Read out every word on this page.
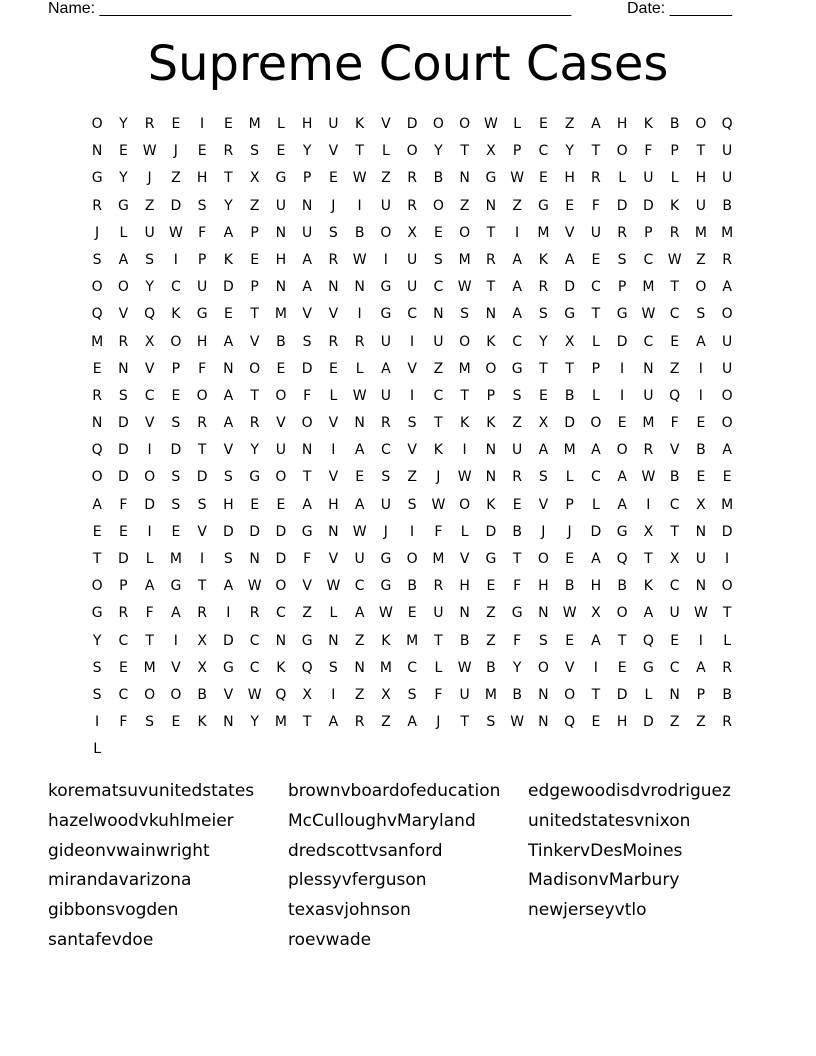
Name: _____________________________________________________	Date: _______
Supreme Court Cases
O	Y	R	E	I	E	M	L	H	U	K	V	D	O	O W	L	E	Z	A	H	K	B	O	Q
N	E	W	J	E	R	S	E	Y	V	T	L	O	Y	T	X	P	C	Y	T	O	F	P	T	U
G	Y	J	Z	H	T	X	G	P	E	W	Z	R	B	N	G W	E	H	R	L	U	L	H	U
R	G	Z	D	S	Y	Z	U	N	J	I	U	R	O	Z	N	Z	G	E	F	D	D	K	U	B
J	L	U	W	F	A	P	N	U	S	B	O	X	E	O	T	I	M	V	U	R	P	R	M	M
S	A	S	I	P	K	E	H	A	R	W	I	U	S	M	R	A	K	A	E	S	C	W	Z	R
O	O	Y	C	U	D	P	N	A	N	N	G	U	C	W	T	A	R	D	C	P	M	T	O	A
Q	V	Q	K	G	E	T	M	V	V	I	G	C	N	S	N	A	S	G	T	G W	C	S	O
M	R	X	O	H	A	V	B	S	R	R	U	I	U	O	K	C	Y	X	L	D	C	E	A	U
E	N	V	P	F	N	O	E	D	E	L	A	V	Z	M	O	G	T	T	P	I	N	Z	I	U
R	S	C	E	O	A	T	O	F	L	W	U	I	C	T	P	S	E	B	L	I	U	Q	I	O
N	D	V	S	R	A	R	V	O	V	N	R	S	T	K	K	Z	X	D	O	E	M	F	E	O
Q	D	I	D	T	V	Y	U	N	I	A	C	V	K	I	N	U	A	M	A	O	R	V	B	A
O	D	O	S	D	S	G	O	T	V	E	S	Z	J	W	N	R	S	L	C	A	W	B	E	E
A	F	D	S	S	H	E	E	A	H	A	U	S	W O	K	E	V	P	L	A	I	C	X	M
E	E	I	E	V	D	D	D	G	N	W	J	I	F	L	D	B	J	J	D	G	X	T	N	D
T	D	L	M	I	S	N	D	F	V	U	G	O	M	V	G	T	O	E	A	Q	T	X	U	I
O	P	A	G	T	A	W O	V	W	C	G	B	R	H	E	F	H	B	H	B	K	C	N	O
G	R	F	A	R	I	R	C	Z	L	A	W	E	U	N	Z	G	N	W	X	O	A	U	W	T
Y	C	T	I	X	D	C	N	G	N	Z	K	M	T	B	Z	F	S	E	A	T	Q	E	I	L
S	E	M	V	X	G	C	K	Q	S	N	M	C	L	W	B	Y	O	V	I	E	G	C	A	R
S	C	O	O	B	V	W Q	X	I	Z	X	S	F	U	M	B	N	O	T	D	L	N	P	B
I	F	S	E	K	N	Y	M	T	A	R	Z	A	J	T	S	W	N	Q	E	H	D	Z	Z	R
L
korematsuvunitedstates	brownvboardofeducation	edgewoodisdvrodriguez
hazelwoodvkuhlmeier	McCulloughvMaryland	unitedstatesvnixon
gideonvwainwright	dredscottvsanford	TinkervDesMoines
mirandavarizona	plessyvferguson	MadisonvMarbury
gibbonsvogden	texasvjohnson	newjerseyvtlo
santafevdoe	roevwade
